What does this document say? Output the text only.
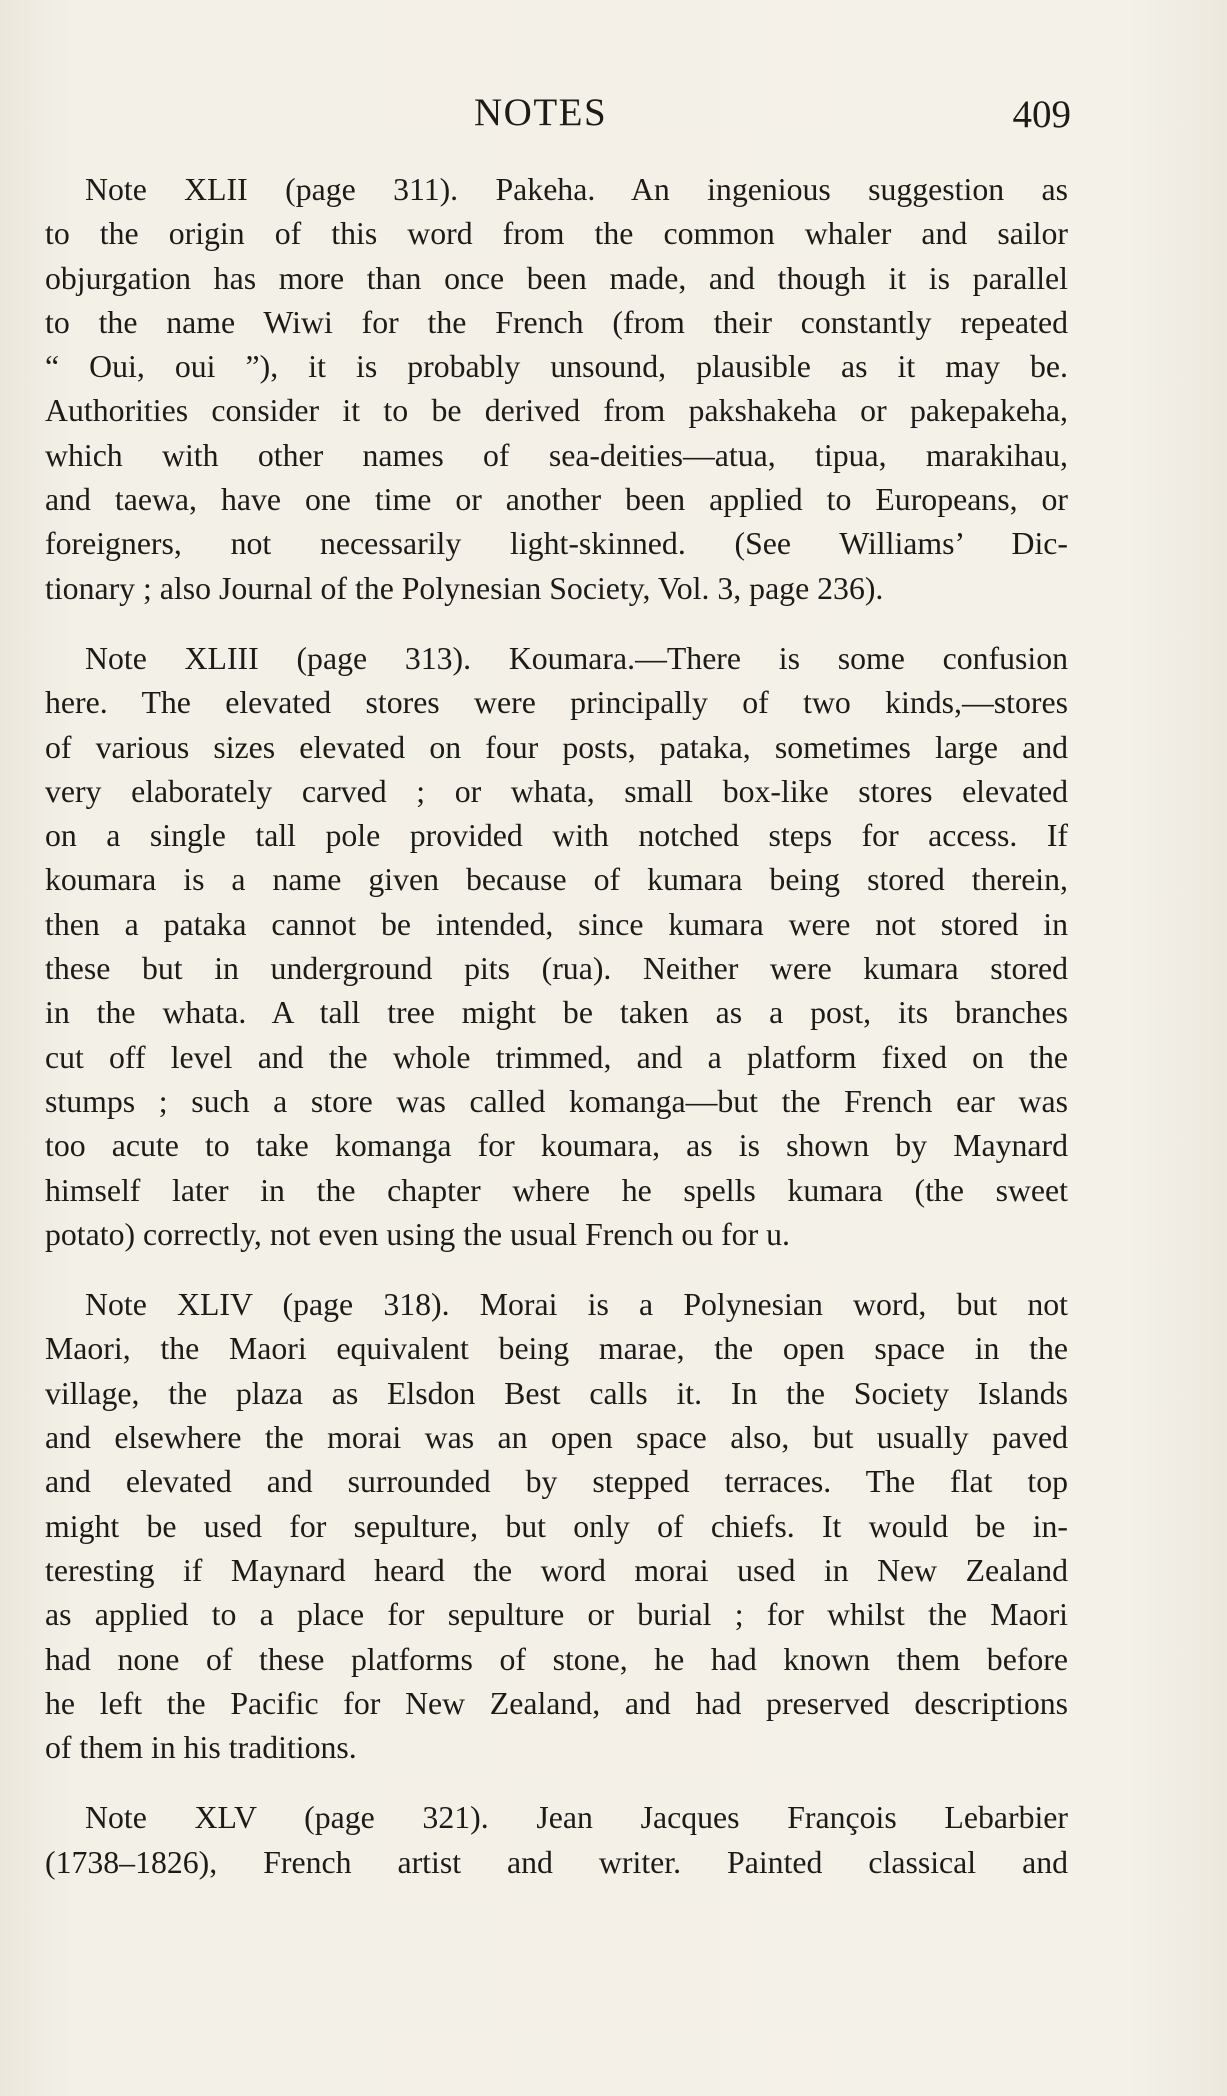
NOTES	409

Note XLII (page 311). Pakeha. An ingenious suggestion as
to the origin of this word from the common whaler and sailor
objurgation has more than once been made, and though it is parallel
to the name Wiwi for the French (from their constantly repeated
“ Oui, oui ”), it is probably unsound, plausible as it may be.
Authorities consider it to be derived from pakshakeha or pakepakeha,
which with other names of sea-deities—atua, tipua, marakihau,
and taewa, have one time or another been applied to Europeans, or
foreigners, not necessarily light-skinned. (See Williams’ Dic-
tionary ; also Journal of the Polynesian Society, Vol. 3, page 236).

Note XLIII (page 313). Koumara.—There is some confusion
here. The elevated stores were principally of two kinds,—stores
of various sizes elevated on four posts, pataka, sometimes large and
very elaborately carved ; or whata, small box-like stores elevated
on a single tall pole provided with notched steps for access. If
koumara is a name given because of kumara being stored therein,
then a pataka cannot be intended, since kumara were not stored in
these but in underground pits (rua). Neither were kumara stored
in the whata. A tall tree might be taken as a post, its branches
cut off level and the whole trimmed, and a platform fixed on the
stumps ; such a store was called komanga—but the French ear was
too acute to take komanga for koumara, as is shown by Maynard
himself later in the chapter where he spells kumara (the sweet
potato) correctly, not even using the usual French ou for u.

Note XLIV (page 318). Morai is a Polynesian word, but not
Maori, the Maori equivalent being marae, the open space in the
village, the plaza as Elsdon Best calls it. In the Society Islands
and elsewhere the morai was an open space also, but usually paved
and elevated and surrounded by stepped terraces. The flat top
might be used for sepulture, but only of chiefs. It would be in-
teresting if Maynard heard the word morai used in New Zealand
as applied to a place for sepulture or burial ; for whilst the Maori
had none of these platforms of stone, he had known them before
he left the Pacific for New Zealand, and had preserved descriptions
of them in his traditions.

Note XLV (page 321). Jean Jacques François Lebarbier
(1738–1826), French artist and writer. Painted classical and
